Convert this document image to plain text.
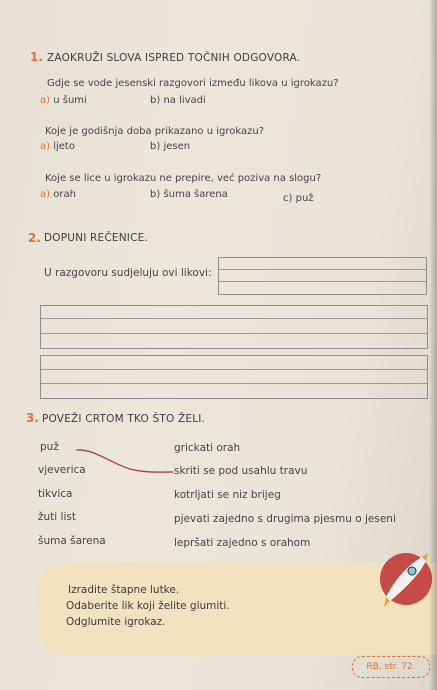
1. ZAOKRUŽI SLOVA ISPRED TOČNIH ODGOVORA.
Gdje se vode jesenski razgovori između likova u igrokazu?
a) u šumi	b) na livadi
Koje je godišnja doba prikazano u igrokazu?
a) ljeto	b) jesen
Koje se lice u igrokazu ne prepire, već poziva na slogu?
a) orah	b) šuma šarena	c) puž
2. DOPUNI REČENICE.
U razgovoru sudjeluju ovi likovi:
3. POVEŽI CRTOM TKO ŠTO ŽELI.
puž
vjeverica
tikvica
žuti list
šuma šarena
grickati orah
skriti se pod usahlu travu
kotrljati se niz brijeg
pjevati zajedno s drugima pjesmu o jeseni
lepršati zajedno s orahom
Izradite štapne lutke.
Odaberite lik koji želite glumiti.
Odglumite igrokaz.
RB, str. 72.
